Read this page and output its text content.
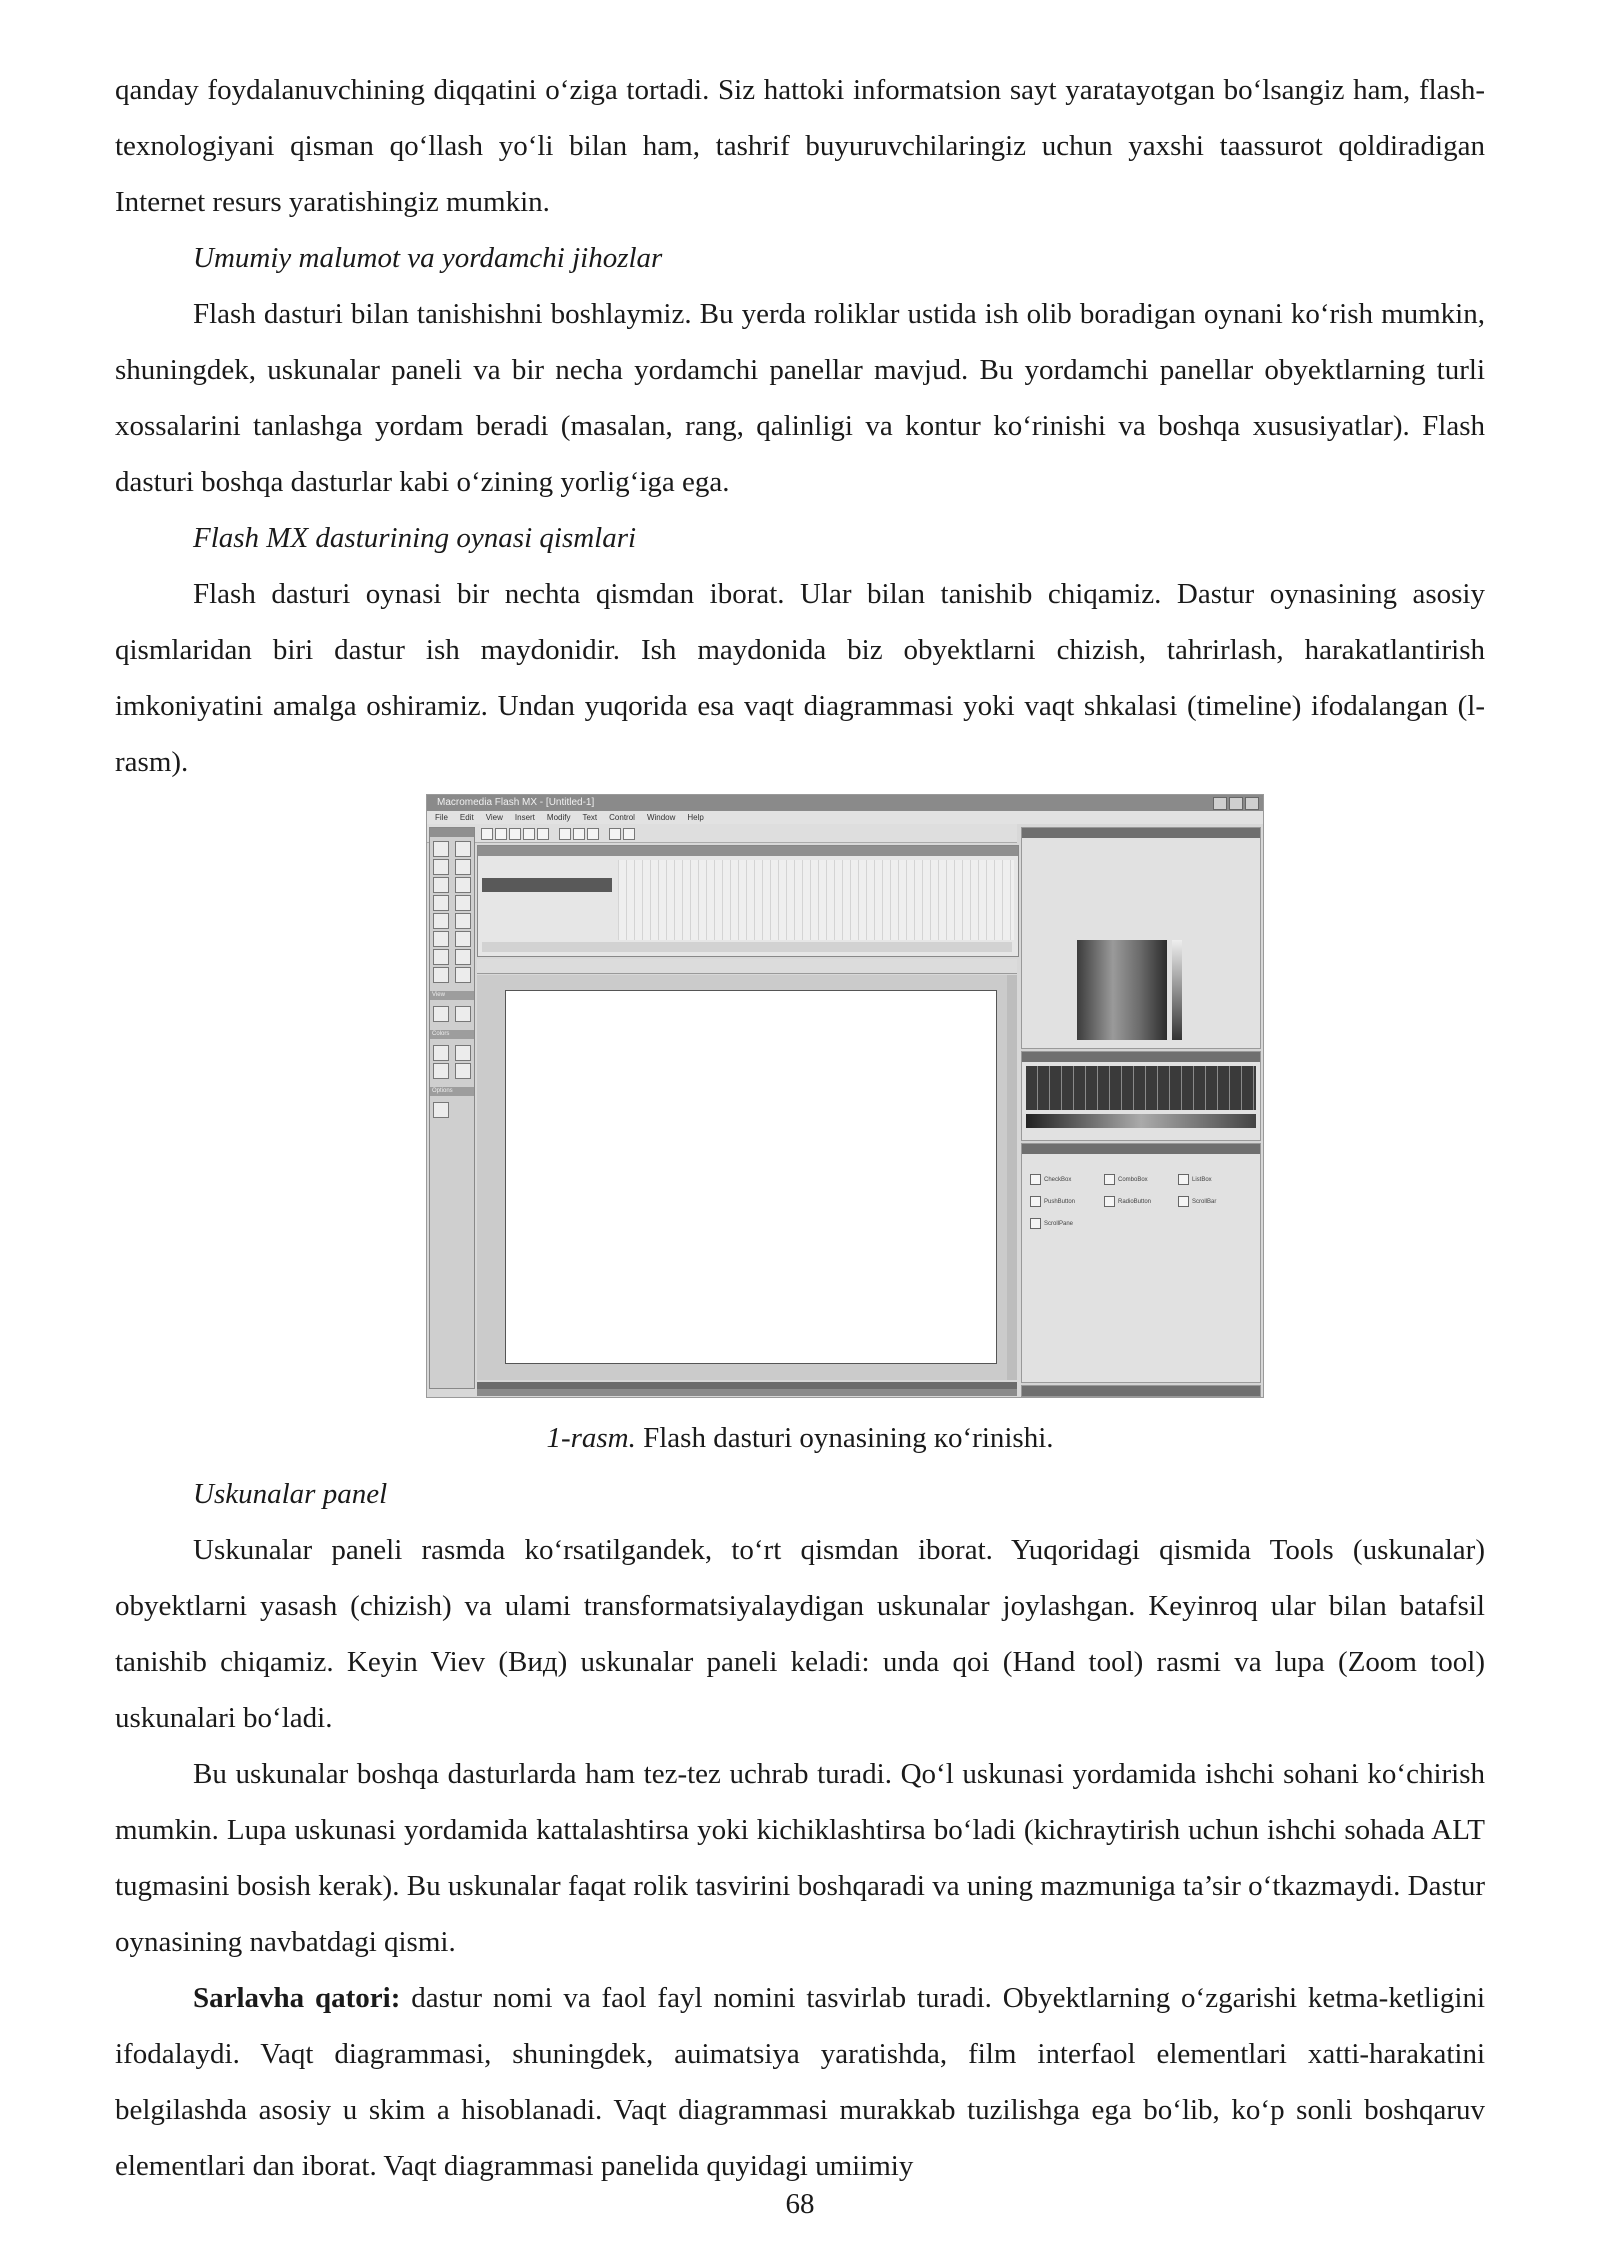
qanday foydalanuvchining diqqatini o‘ziga tortadi. Siz hattoki informatsion sayt yaratayotgan bo‘lsangiz ham, flash-texnologiyani qisman qo‘llash yo‘li bilan ham, tashrif buyuruvchilaringiz uchun yaxshi taassurot qoldiradigan Internet resurs yaratishingiz mumkin.

Umumiy malumot va yordamchi jihozlar

Flash dasturi bilan tanishishni boshlaymiz. Bu yerda roliklar ustida ish olib boradigan oynani ko‘rish mumkin, shuningdek, uskunalar paneli va bir necha yordamchi panellar mavjud. Bu yordamchi panellar obyektlarning turli xossalarini tanlashga yordam beradi (masalan, rang, qalinligi va kontur ko‘rinishi va boshqa xususiyatlar). Flash dasturi boshqa dasturlar kabi o‘zining yorlig‘iga ega.

Flash MX dasturining oynasi qismlari

Flash dasturi oynasi bir nechta qismdan iborat. Ular bilan tanishib chiqamiz. Dastur oynasining asosiy qismlaridan biri dastur ish maydonidir. Ish maydonida biz obyektlarni chizish, tahrirlash, harakatlantirish imkoniyatini amalga oshiramiz. Undan yuqorida esa vaqt diagrammasi yoki vaqt shkalasi (timeline) ifodalangan (l-rasm).

Macromedia Flash MX - [Untitled-1]
File Edit View Insert Modify Text Control Window Help
View
Colors
Options
CheckBox	ComboBox	ListBox
PushButton	RadioButton	ScrollBar
ScrollPane

1-rasm. Flash dasturi oynasining кo‘rinishi.

Uskunalar panel

Uskunalar paneli rasmda ko‘rsatilgandek, to‘rt qismdan iborat. Yuqoridagi qismida Tools (uskunalar) obyektlarni yasash (chizish) va ulami transformatsiyalaydigan uskunalar joylashgan. Keyinroq ular bilan batafsil tanishib chiqamiz. Keyin Viev (Вид) uskunalar paneli keladi: unda qoi (Hand tool) rasmi va lupa (Zoom tool) uskunalari bo‘ladi.

Bu uskunalar boshqa dasturlarda ham tez-tez uchrab turadi. Qo‘l uskunasi yordamida ishchi sohani ko‘chirish mumkin. Lupa uskunasi yordamida kattalashtirsa yoki kichiklashtirsa bo‘ladi (kichraytirish uchun ishchi sohada ALT tugmasini bosish kerak). Bu uskunalar faqat rolik tasvirini boshqaradi va uning mazmuniga ta’sir o‘tkazmaydi. Dastur oynasining navbatdagi qismi.

Sarlavha qatori: dastur nomi va faol fayl nomini tasvirlab turadi. Obyektlarning o‘zgarishi ketma-ketligini ifodalaydi. Vaqt diagrammasi, shuningdek, auimatsiya yaratishda, film interfaol elementlari xatti-harakatini belgilashda asosiy u skim a hisoblanadi. Vaqt diagrammasi murakkab tuzilishga ega bo‘lib, ko‘p sonli boshqaruv elementlari dan iborat. Vaqt diagrammasi panelida quyidagi umiimiy

68
